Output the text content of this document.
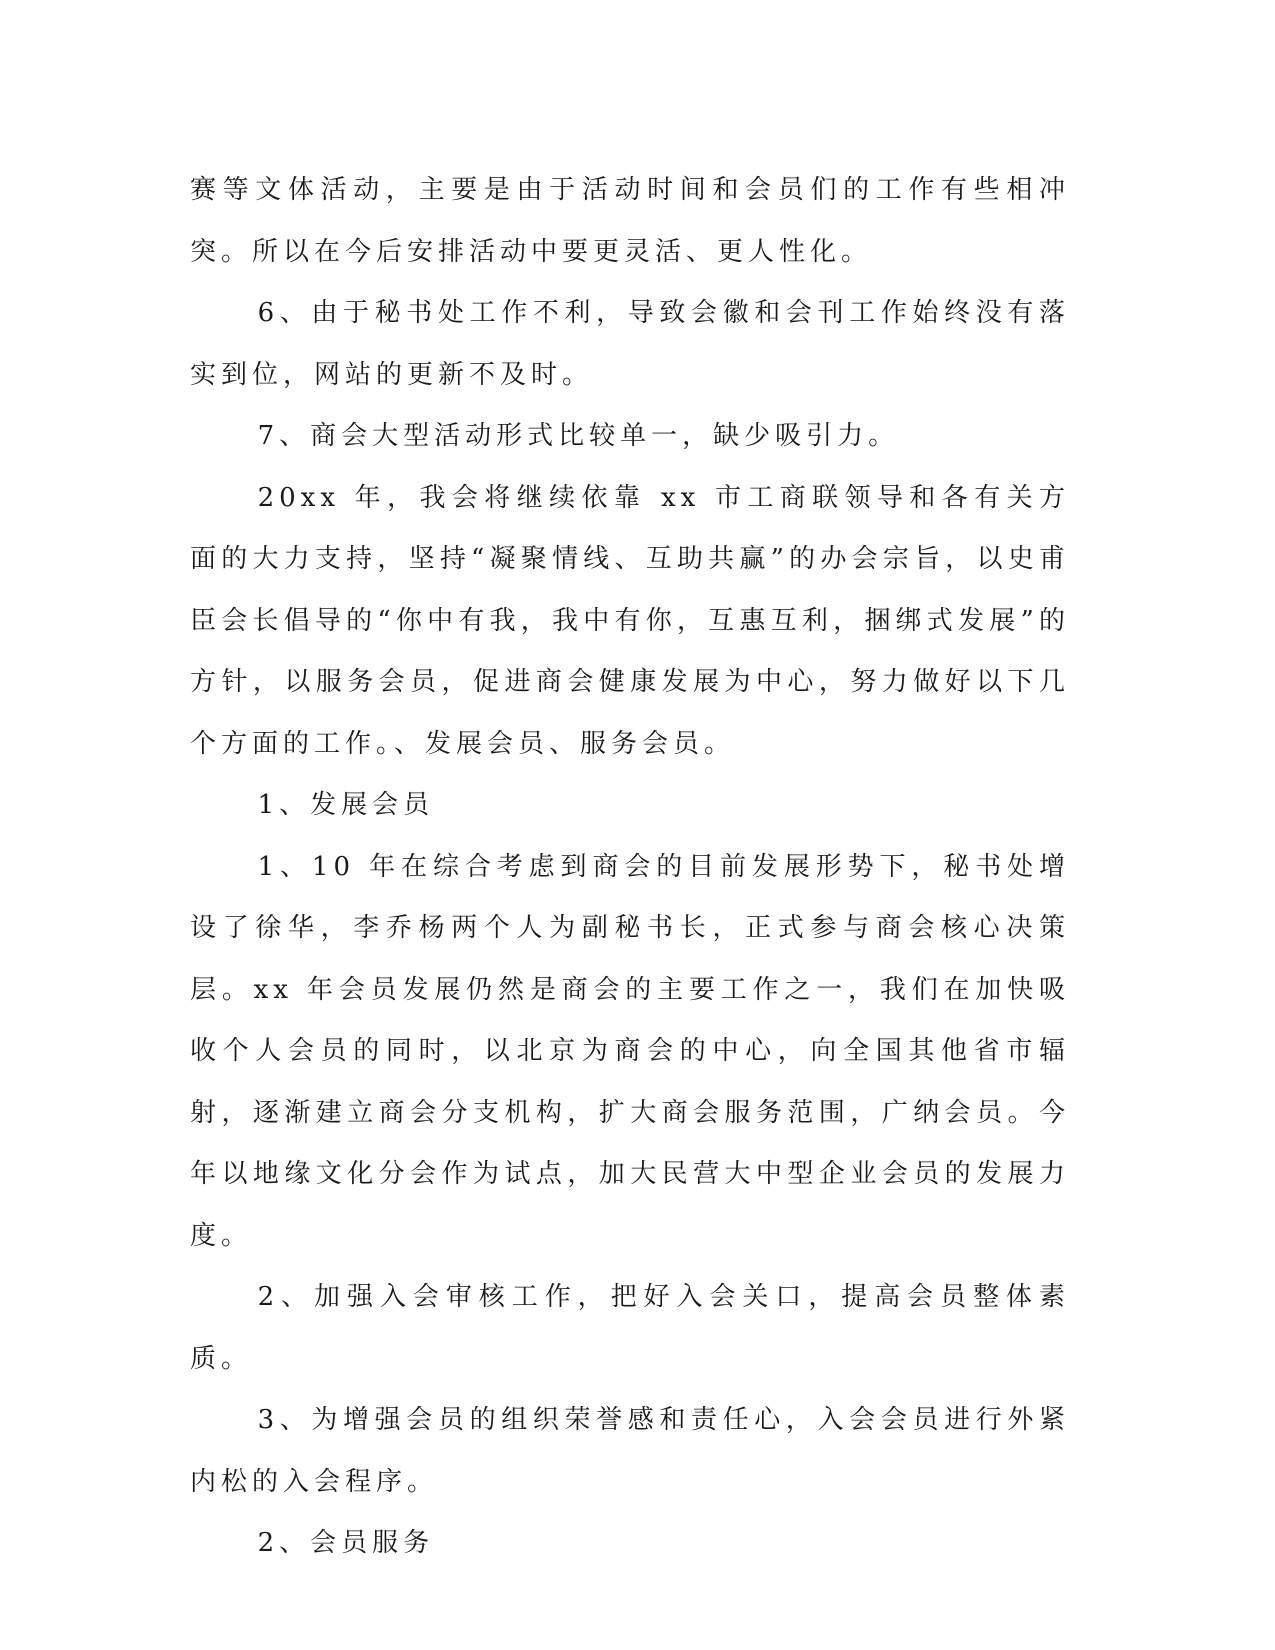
赛等文体活动，主要是由于活动时间和会员们的工作有些相冲突。所以在今后安排活动中要更灵活、更人性化。

6、由于秘书处工作不利，导致会徽和会刊工作始终没有落实到位，网站的更新不及时。

7、商会大型活动形式比较单一，缺少吸引力。

20xx 年，我会将继续依靠 xx 市工商联领导和各有关方面的大力支持，坚持“凝聚情线、互助共赢”的办会宗旨，以史甫臣会长倡导的“你中有我，我中有你，互惠互利，捆绑式发展”的方针，以服务会员，促进商会健康发展为中心，努力做好以下几个方面的工作。、发展会员、服务会员。

1、发展会员

1、10 年在综合考虑到商会的目前发展形势下，秘书处增设了徐华，李乔杨两个人为副秘书长，正式参与商会核心决策层。xx 年会员发展仍然是商会的主要工作之一，我们在加快吸收个人会员的同时，以北京为商会的中心，向全国其他省市辐射，逐渐建立商会分支机构，扩大商会服务范围，广纳会员。今年以地缘文化分会作为试点，加大民营大中型企业会员的发展力度。

2、加强入会审核工作，把好入会关口，提高会员整体素质。

3、为增强会员的组织荣誉感和责任心，入会会员进行外紧内松的入会程序。

2、会员服务
